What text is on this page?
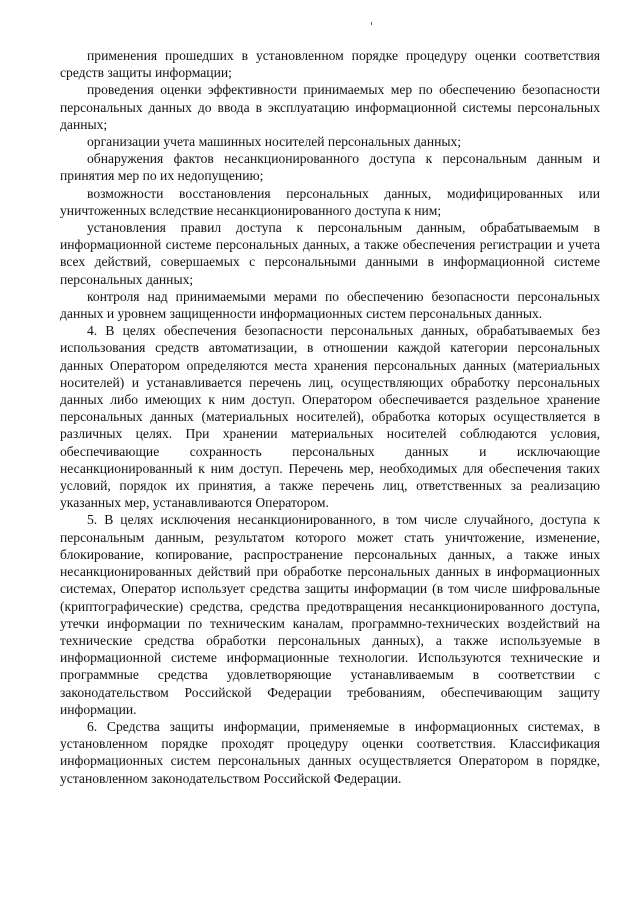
применения прошедших в установленном порядке процедуру оценки соответствия средств защиты информации;

проведения оценки эффективности принимаемых мер по обеспечению безопасности персональных данных до ввода в эксплуатацию информационной системы персональных данных;

организации учета машинных носителей персональных данных;

обнаружения фактов несанкционированного доступа к персональным данным и принятия мер по их недопущению;

возможности восстановления персональных данных, модифицированных или уничтоженных вследствие несанкционированного доступа к ним;

установления правил доступа к персональным данным, обрабатываемым в информационной системе персональных данных, а также обеспечения регистрации и учета всех действий, совершаемых с персональными данными в информационной системе персональных данных;

контроля над принимаемыми мерами по обеспечению безопасности персональных данных и уровнем защищенности информационных систем персональных данных.

4. В целях обеспечения безопасности персональных данных, обрабатываемых без использования средств автоматизации, в отношении каждой категории персональных данных Оператором определяются места хранения персональных данных (материальных носителей) и устанавливается перечень лиц, осуществляющих обработку персональных данных либо имеющих к ним доступ. Оператором обеспечивается раздельное хранение персональных данных (материальных носителей), обработка которых осуществляется в различных целях. При хранении материальных носителей соблюдаются условия, обеспечивающие сохранность персональных данных и исключающие несанкционированный к ним доступ. Перечень мер, необходимых для обеспечения таких условий, порядок их принятия, а также перечень лиц, ответственных за реализацию указанных мер, устанавливаются Оператором.

5. В целях исключения несанкционированного, в том числе случайного, доступа к персональным данным, результатом которого может стать уничтожение, изменение, блокирование, копирование, распространение персональных данных, а также иных несанкционированных действий при обработке персональных данных в информационных системах, Оператор использует средства защиты информации (в том числе шифровальные (криптографические) средства, средства предотвращения несанкционированного доступа, утечки информации по техническим каналам, программно-технических воздействий на технические средства обработки персональных данных), а также используемые в информационной системе информационные технологии. Используются технические и программные средства удовлетворяющие устанавливаемым в соответствии с законодательством Российской Федерации требованиям, обеспечивающим защиту информации.

6. Средства защиты информации, применяемые в информационных системах, в установленном порядке проходят процедуру оценки соответствия. Классификация информационных систем персональных данных осуществляется Оператором в порядке, установленном законодательством Российской Федерации.
